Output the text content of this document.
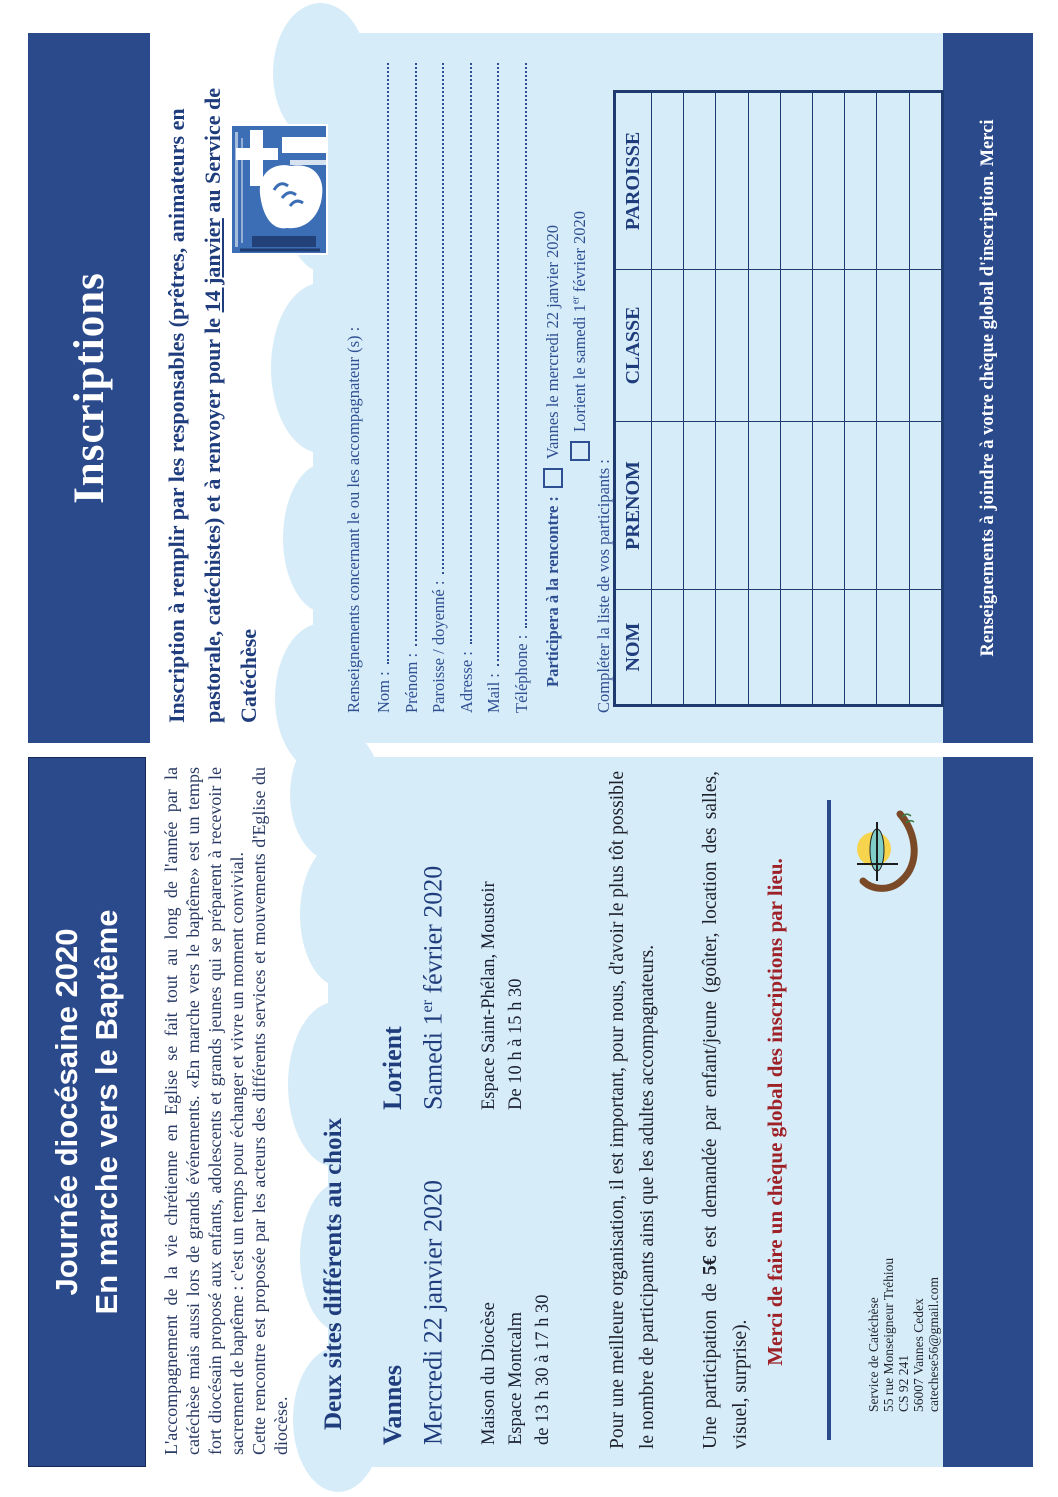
Inscriptions Inscription à remplir par les responsables (prêtres, animateurs en pastorale, catéchistes) et à renvoyer pour le 14 janvier au Service de Catéchèse	Renseignements concernant le ou les accompagnateur (s) : Nom : Prénom : Paroisse / doyenné : Adresse : Mail : Téléphone : Participera à la rencontre :
Vannes le mercredi 22 janvier 2020 Lorient le samedi 1er février 2020
Compléter la liste de vos participants : NOM	PRENOM	CLASSE	PAROISSE

				Renseignements à joindre à votre chèque global d'inscription. Merci
Journée diocésaine 2020 En marche vers le Baptême L'accompagnement de la vie chrétienne en Eglise se fait tout au long de l'année par la catéchèse mais aussi lors de grands événements. «En marche vers le baptême» est un temps fort diocésain proposé aux enfants, adolescents et grands jeunes qui se préparent à recevoir le sacrement de baptême : c'est un temps pour échanger et vivre un moment convivial. Cette rencontre est proposée par les acteurs des différents services et mouvements d'Eglise du diocèse. Deux sites différents au choix Vannes Mercredi 22 janvier 2020 Maison du Diocèse Espace Montcalm de 13 h 30 à 17 h 30
Lorient Samedi 1er février 2020 Espace Saint-Phélan, Moustoir De 10 h à 15 h 30	Pour une meilleure organisation, il est important, pour nous, d'avoir le plus tôt possible le nombre de participants ainsi que les adultes accompagnateurs. Une participation de 5€ est demandée par enfant/jeune (goûter, location des salles, visuel, surprise).
Merci de faire un chèque global des inscriptions par lieu.	Service de Catéchèse 55 rue Monseigneur Tréhiou CS 92 241 56007 Vannes Cedex catechese56@gmail.com
